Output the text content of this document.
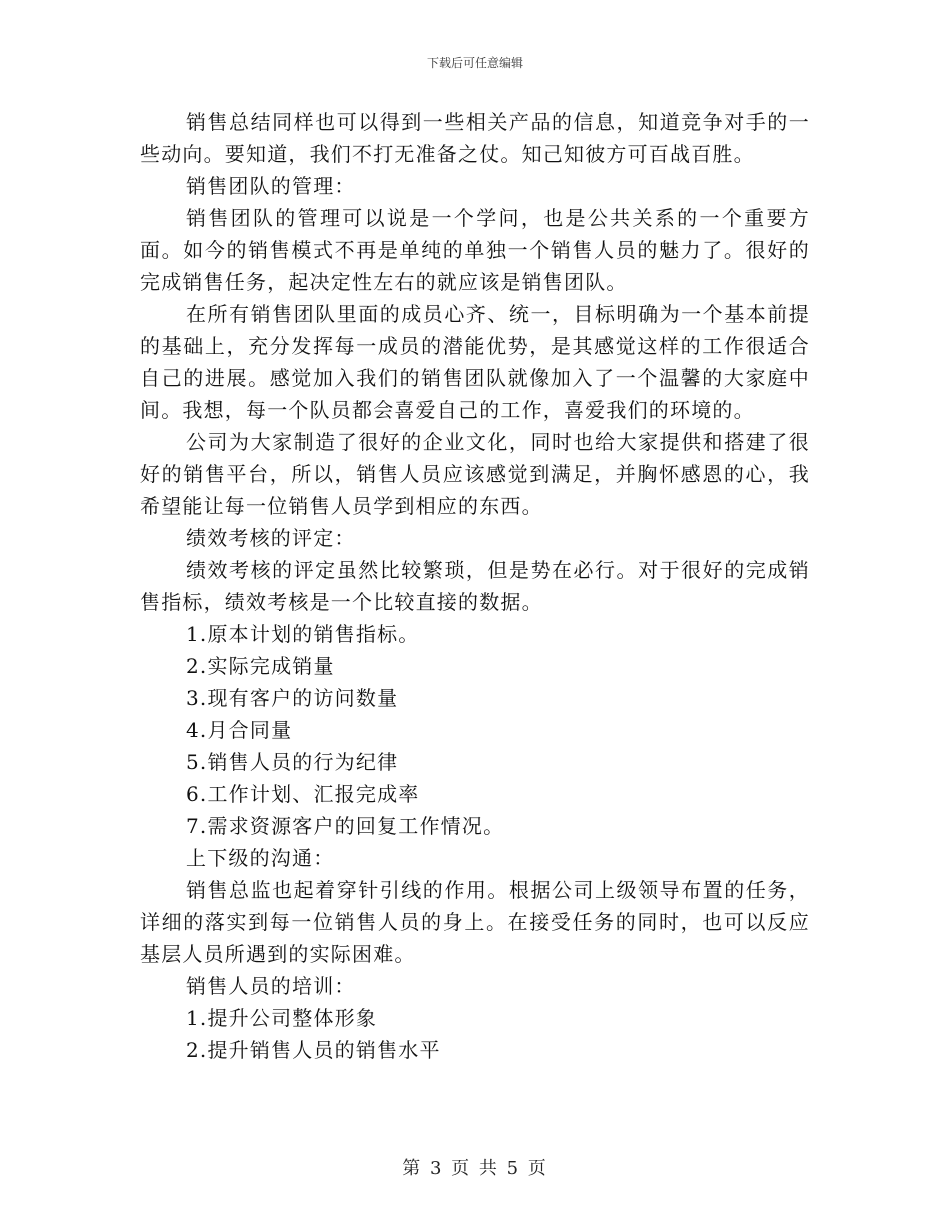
下载后可任意编辑

销售总结同样也可以得到一些相关产品的信息，知道竞争对手的一些动向。要知道，我们不打无准备之仗。知己知彼方可百战百胜。

销售团队的管理：

销售团队的管理可以说是一个学问，也是公共关系的一个重要方面。如今的销售模式不再是单纯的单独一个销售人员的魅力了。很好的完成销售任务，起决定性左右的就应该是销售团队。

在所有销售团队里面的成员心齐、统一，目标明确为一个基本前提的基础上，充分发挥每一成员的潜能优势，是其感觉这样的工作很适合自己的进展。感觉加入我们的销售团队就像加入了一个温馨的大家庭中间。我想，每一个队员都会喜爱自己的工作，喜爱我们的环境的。

公司为大家制造了很好的企业文化，同时也给大家提供和搭建了很好的销售平台，所以，销售人员应该感觉到满足，并胸怀感恩的心，我希望能让每一位销售人员学到相应的东西。

绩效考核的评定：

绩效考核的评定虽然比较繁琐，但是势在必行。对于很好的完成销售指标，绩效考核是一个比较直接的数据。

1.原本计划的销售指标。

2.实际完成销量

3.现有客户的访问数量

4.月合同量

5.销售人员的行为纪律

6.工作计划、汇报完成率

7.需求资源客户的回复工作情况。

上下级的沟通：

销售总监也起着穿针引线的作用。根据公司上级领导布置的任务，详细的落实到每一位销售人员的身上。在接受任务的同时，也可以反应基层人员所遇到的实际困难。

销售人员的培训：

1.提升公司整体形象

2.提升销售人员的销售水平

第 3 页 共 5 页
